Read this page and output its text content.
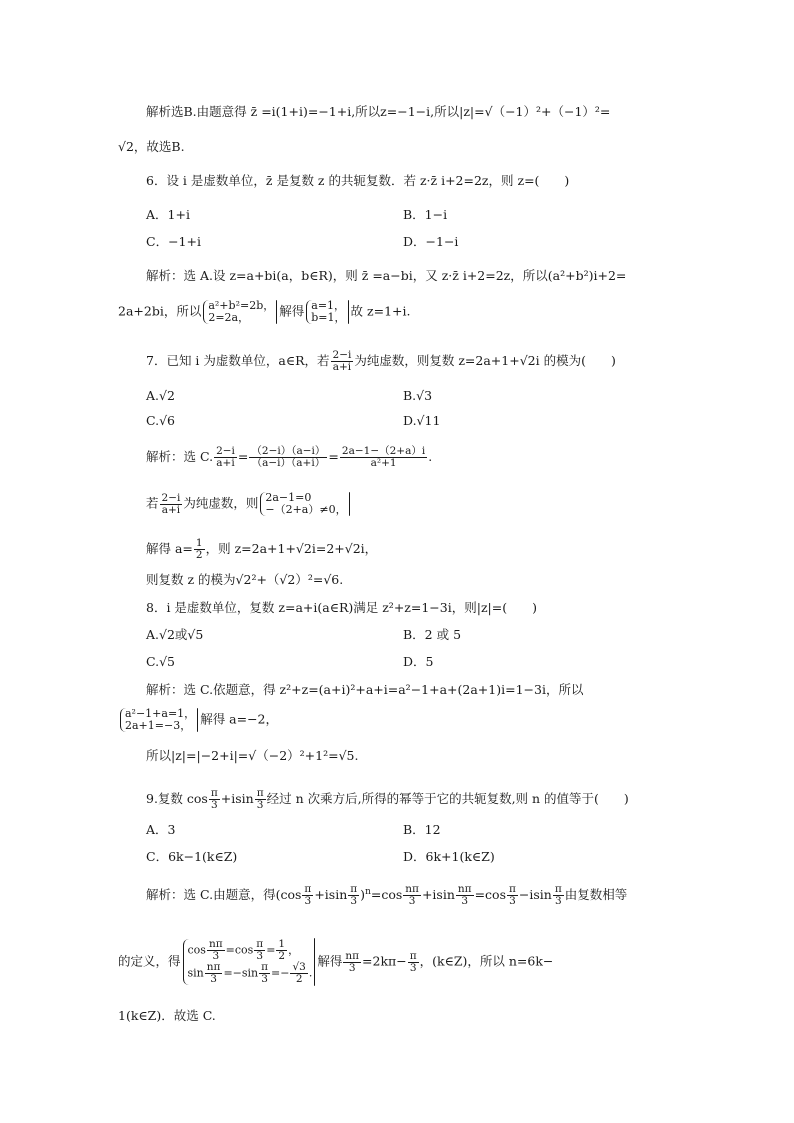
解析选B.由题意得 z̄ =i(1+i)=−1+i,所以z=−1−i,所以|z|=√（−1）²+（−1）²=
√2，故选B.
6．设 i 是虚数单位，z̄ 是复数 z 的共轭复数．若 z·z̄ i+2=2z，则 z=(　　)
A．1+i	B．1−i
C．−1+i	D．−1−i
解析：选 A.设 z=a+bi(a，b∈R)，则 z̄ =a−bi，又 z·z̄ i+2=2z，所以(a²+b²)i+2=
2a+2bi，所以 a²+b²=2b，
2=2a，	解得 a=1，
b=1， 故 z=1+i.
7．已知 i 为虚数单位，a∈R，若 $\frac{2-i}{a+i}$ 为纯虚数，则复数 z=2a+1+√2i 的模为(　　)
A.√2	B.√3
C.√6	D.√11
解析：选 C. $\frac{2-i}{a+i} = \frac{(2-i)(a-i)}{(a-i)(a+i)} = \frac{2a-1-(2+a)i}{\text{a²+1}}$ .
若 $\frac{2-i}{a+i}$ 为纯虚数，则 2a−1=0
−（2+a）≠0，
解得 $a= \frac{1}{2}$ ，则 z=2a+1+√2i=2+√2i，
则复数 z 的模为√2²+（√2）²=√6.
8．i 是虚数单位，复数 z=a+i(a∈R)满足 z²+z=1−3i，则|z|=(　　)
A.√2或√5	B．2 或 5
C.√5	D．5
解析：选 C.依题意，得 z²+z=(a+i)²+a+i=a²−1+a+(2a+1)i=1−3i，所以
a²−1+a=1，
2a+1=−3， 解得 a=−2，
所以|z|=|−2+i|=√（−2）²+1²=√5.
9.复数 $\cos \frac{\pi}{3} +isin \frac{\pi}{3}$ 经过 n 次乘方后,所得的幂等于它的共轭复数,则 n 的值等于(　　)
A．3	B．12
C．6k−1(k∈Z)	D．6k+1(k∈Z)
解析：选 C.由题意，得$(\cos \frac{\pi}{3} +isin \frac{\pi}{3} )^n=\cos \frac{n\pi}{3} +isin \frac{n\pi}{3} =\cos \frac{\pi}{3} -isin \frac{\pi}{3}$ 由复数相等
的定义，得
$\cos \frac{n\pi}{3} =\cos \frac{\pi}{3} = \frac{1}{2}$ ，
$\sin \frac{n\pi}{3} =-\sin \frac{\pi}{3} =- \frac{√3}{2}$ .
解得 $\frac{n\pi}{3} =2k\pi- \frac{\pi}{3}$ ，(k∈Z)，所以 n=6k−
1(k∈Z)．故选 C.
